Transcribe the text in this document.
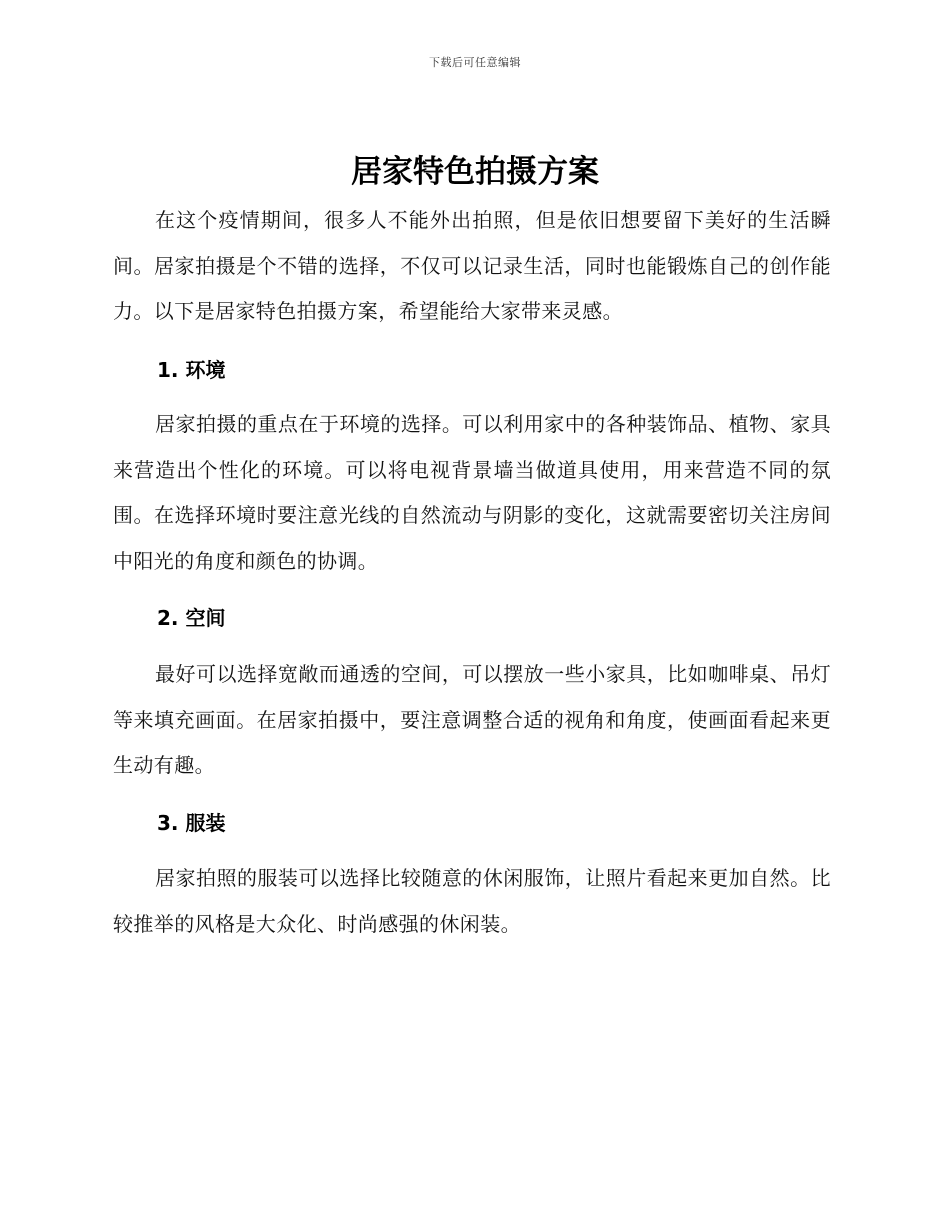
下载后可任意编辑
居家特色拍摄方案

在这个疫情期间，很多人不能外出拍照，但是依旧想要留下美好的生活瞬间。居家拍摄是个不错的选择，不仅可以记录生活，同时也能锻炼自己的创作能力。以下是居家特色拍摄方案，希望能给大家带来灵感。

1. 环境

居家拍摄的重点在于环境的选择。可以利用家中的各种装饰品、植物、家具来营造出个性化的环境。可以将电视背景墙当做道具使用，用来营造不同的氛围。在选择环境时要注意光线的自然流动与阴影的变化，这就需要密切关注房间中阳光的角度和颜色的协调。

2. 空间

最好可以选择宽敞而通透的空间，可以摆放一些小家具，比如咖啡桌、吊灯等来填充画面。在居家拍摄中，要注意调整合适的视角和角度，使画面看起来更生动有趣。

3. 服装

居家拍照的服装可以选择比较随意的休闲服饰，让照片看起来更加自然。比较推举的风格是大众化、时尚感强的休闲装。
